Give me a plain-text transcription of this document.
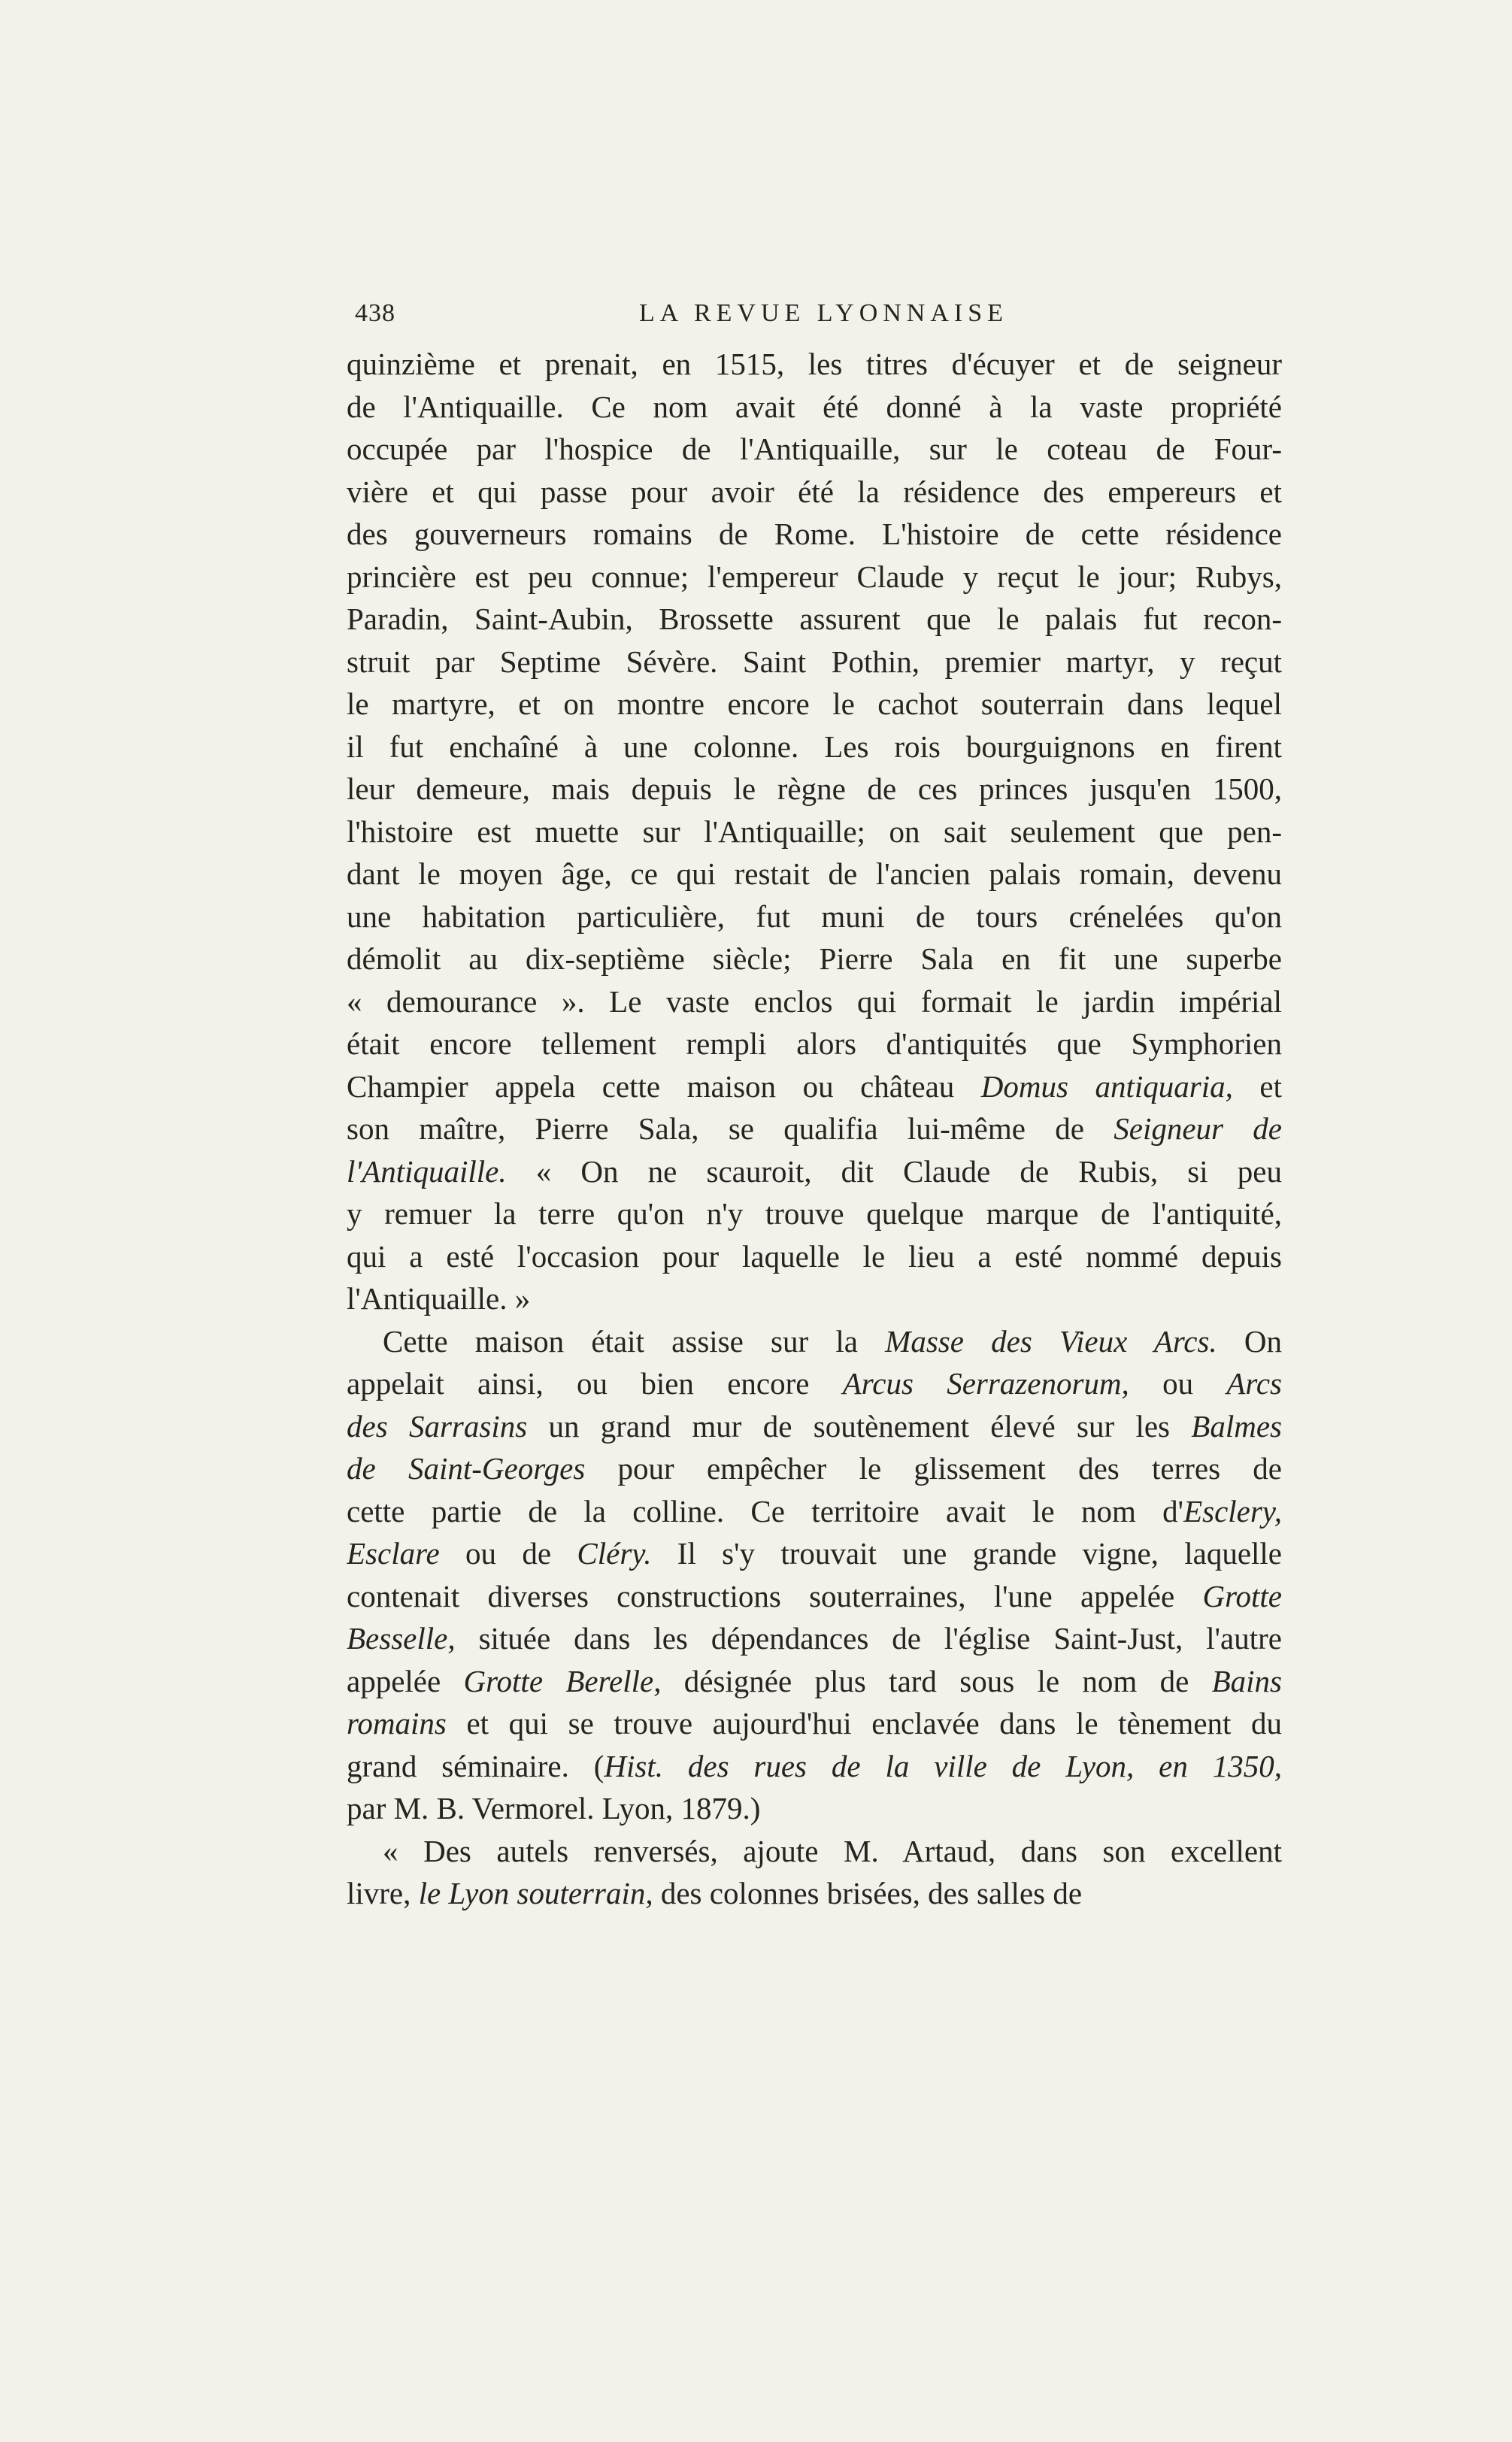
438	LA REVUE LYONNAISE
quinzième et prenait, en 1515, les titres d'écuyer et de seigneur
de l'Antiquaille. Ce nom avait été donné à la vaste propriété
occupée par l'hospice de l'Antiquaille, sur le coteau de Four-
vière et qui passe pour avoir été la résidence des empereurs et
des gouverneurs romains de Rome. L'histoire de cette résidence
princière est peu connue; l'empereur Claude y reçut le jour; Rubys,
Paradin, Saint-Aubin, Brossette assurent que le palais fut recon-
struit par Septime Sévère. Saint Pothin, premier martyr, y reçut
le martyre, et on montre encore le cachot souterrain dans lequel
il fut enchaîné à une colonne. Les rois bourguignons en firent
leur demeure, mais depuis le règne de ces princes jusqu'en 1500,
l'histoire est muette sur l'Antiquaille; on sait seulement que pen-
dant le moyen âge, ce qui restait de l'ancien palais romain, devenu
une habitation particulière, fut muni de tours crénelées qu'on
démolit au dix-septième siècle; Pierre Sala en fit une superbe
« demourance ». Le vaste enclos qui formait le jardin impérial
était encore tellement rempli alors d'antiquités que Symphorien
Champier appela cette maison ou château Domus antiquaria, et
son maître, Pierre Sala, se qualifia lui-même de Seigneur de
l'Antiquaille. « On ne scauroit, dit Claude de Rubis, si peu
y remuer la terre qu'on n'y trouve quelque marque de l'antiquité,
qui a esté l'occasion pour laquelle le lieu a esté nommé depuis
l'Antiquaille. »
Cette maison était assise sur la Masse des Vieux Arcs. On
appelait ainsi, ou bien encore Arcus Serrazenorum, ou Arcs
des Sarrasins un grand mur de soutènement élevé sur les Balmes
de Saint-Georges pour empêcher le glissement des terres de
cette partie de la colline. Ce territoire avait le nom d'Esclery,
Esclare ou de Cléry. Il s'y trouvait une grande vigne, laquelle
contenait diverses constructions souterraines, l'une appelée Grotte
Besselle, située dans les dépendances de l'église Saint-Just, l'autre
appelée Grotte Berelle, désignée plus tard sous le nom de Bains
romains et qui se trouve aujourd'hui enclavée dans le tènement du
grand séminaire. (Hist. des rues de la ville de Lyon, en 1350,
par M. B. Vermorel. Lyon, 1879.)
« Des autels renversés, ajoute M. Artaud, dans son excellent
livre, le Lyon souterrain, des colonnes brisées, des salles de
